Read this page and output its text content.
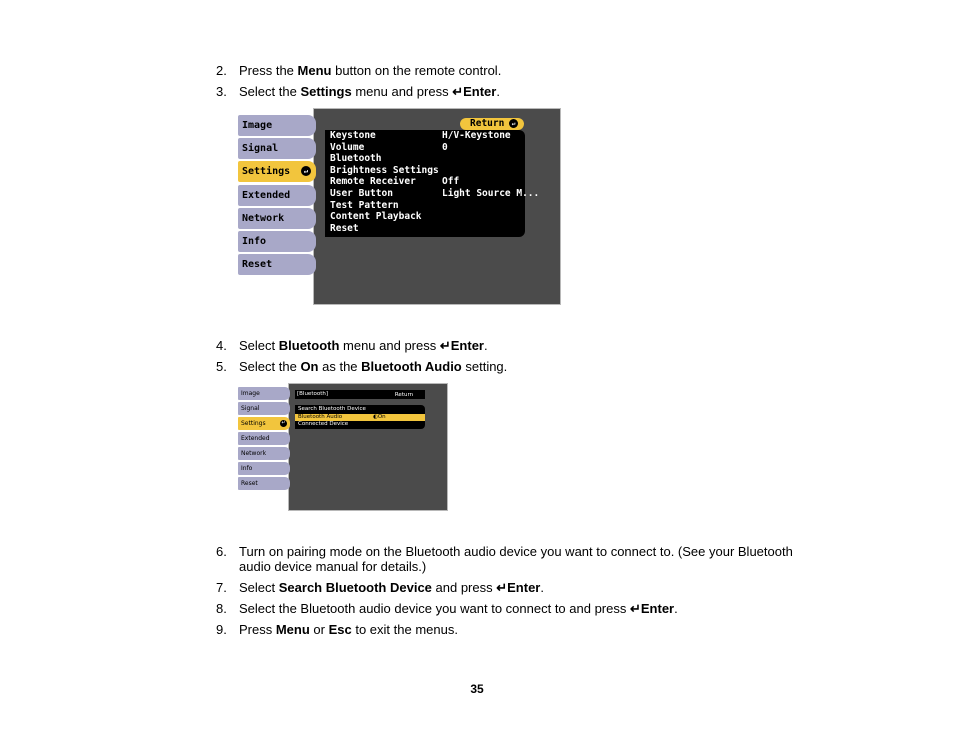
2. Press the Menu button on the remote control.
3. Select the Settings menu and press ↵Enter.
Image
Signal
Settings	↵
Extended
Network
Info
Reset
Return	↵
Keystone	H/V-Keystone
Volume	0
Bluetooth
Brightness Settings
Remote Receiver	Off
User Button	Light Source M...
Test Pattern
Content Playback
Reset
4. Select Bluetooth menu and press ↵Enter.
5. Select the On as the Bluetooth Audio setting.
[Bluetooth]	Return
Search Bluetooth Device
Bluetooth Audio	◐On
Connected Device
Image
Signal
Settings	↵
Extended
Network
Info
Reset
6. Turn on pairing mode on the Bluetooth audio device you want to connect to. (See your Bluetooth audio device manual for details.)
7. Select Search Bluetooth Device and press ↵Enter.
8. Select the Bluetooth audio device you want to connect to and press ↵Enter.
9. Press Menu or Esc to exit the menus.
35
